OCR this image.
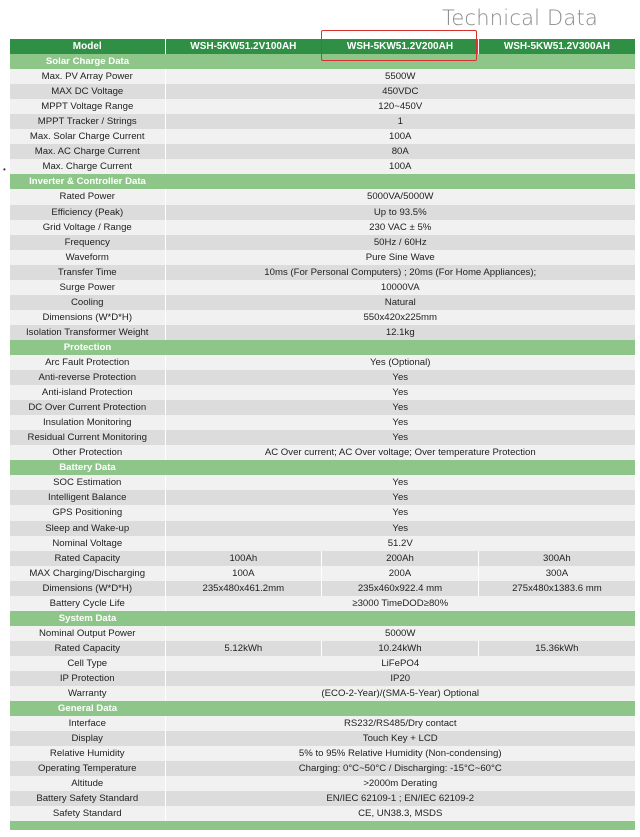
Technical Data
Model	WSH-5KW51.2V100AH	WSH-5KW51.2V200AH	WSH-5KW51.2V300AH
Solar Charge Data			
Max. PV Array Power	5500W		
MAX DC Voltage	450VDC		
MPPT Voltage Range	120~450V		
MPPT Tracker / Strings	1		
Max. Solar Charge Current	100A		
Max. AC Charge Current	80A		
Max. Charge Current	100A		
Inverter & Controller Data			
Rated Power	5000VA/5000W		
Efficiency (Peak)	Up to 93.5%		
Grid Voltage / Range	230 VAC ± 5%		
Frequency	50Hz / 60Hz		
Waveform	Pure Sine Wave		
Transfer Time	10ms (For Personal Computers) ; 20ms (For Home Appliances);		
Surge Power	10000VA		
Cooling	Natural		
Dimensions (W*D*H)	550x420x225mm		
Isolation Transformer Weight	12.1kg		
Protection			
Arc Fault Protection	Yes (Optional)		
Anti-reverse Protection	Yes		
Anti-island Protection	Yes		
DC Over Current Protection	Yes		
Insulation Monitoring	Yes		
Residual Current Monitoring	Yes		
Other Protection	AC Over current; AC Over voltage; Over temperature Protection		
Battery Data			
SOC Estimation	Yes		
Intelligent Balance	Yes		
GPS Positioning	Yes		
Sleep and Wake-up	Yes		
Nominal Voltage	51.2V		
Rated Capacity	100Ah	200Ah	300Ah
MAX Charging/Discharging	100A	200A	300A
Dimensions (W*D*H)	235x480x461.2mm	235x460x922.4 mm	275x480x1383.6 mm
Battery Cycle Life	≥3000 TimeDOD≥80%		
System Data			
Nominal Output Power	5000W		
Rated Capacity	5.12kWh	10.24kWh	15.36kWh
Cell Type	LiFePO4		
IP Protection	IP20		
Warranty	(ECO-2-Year)/(SMA-5-Year) Optional		
General Data			
Interface	RS232/RS485/Dry contact		
Display	Touch Key + LCD		
Relative Humidity	5% to 95% Relative Humidity (Non-condensing)		
Operating Temperature	Charging: 0°C~50°C / Discharging: -15°C~60°C		
Altitude	>2000m Derating		
Battery Safety Standard	EN/IEC 62109-1 ; EN/IEC 62109-2		
Safety Standard	CE, UN38.3, MSDS		

•
